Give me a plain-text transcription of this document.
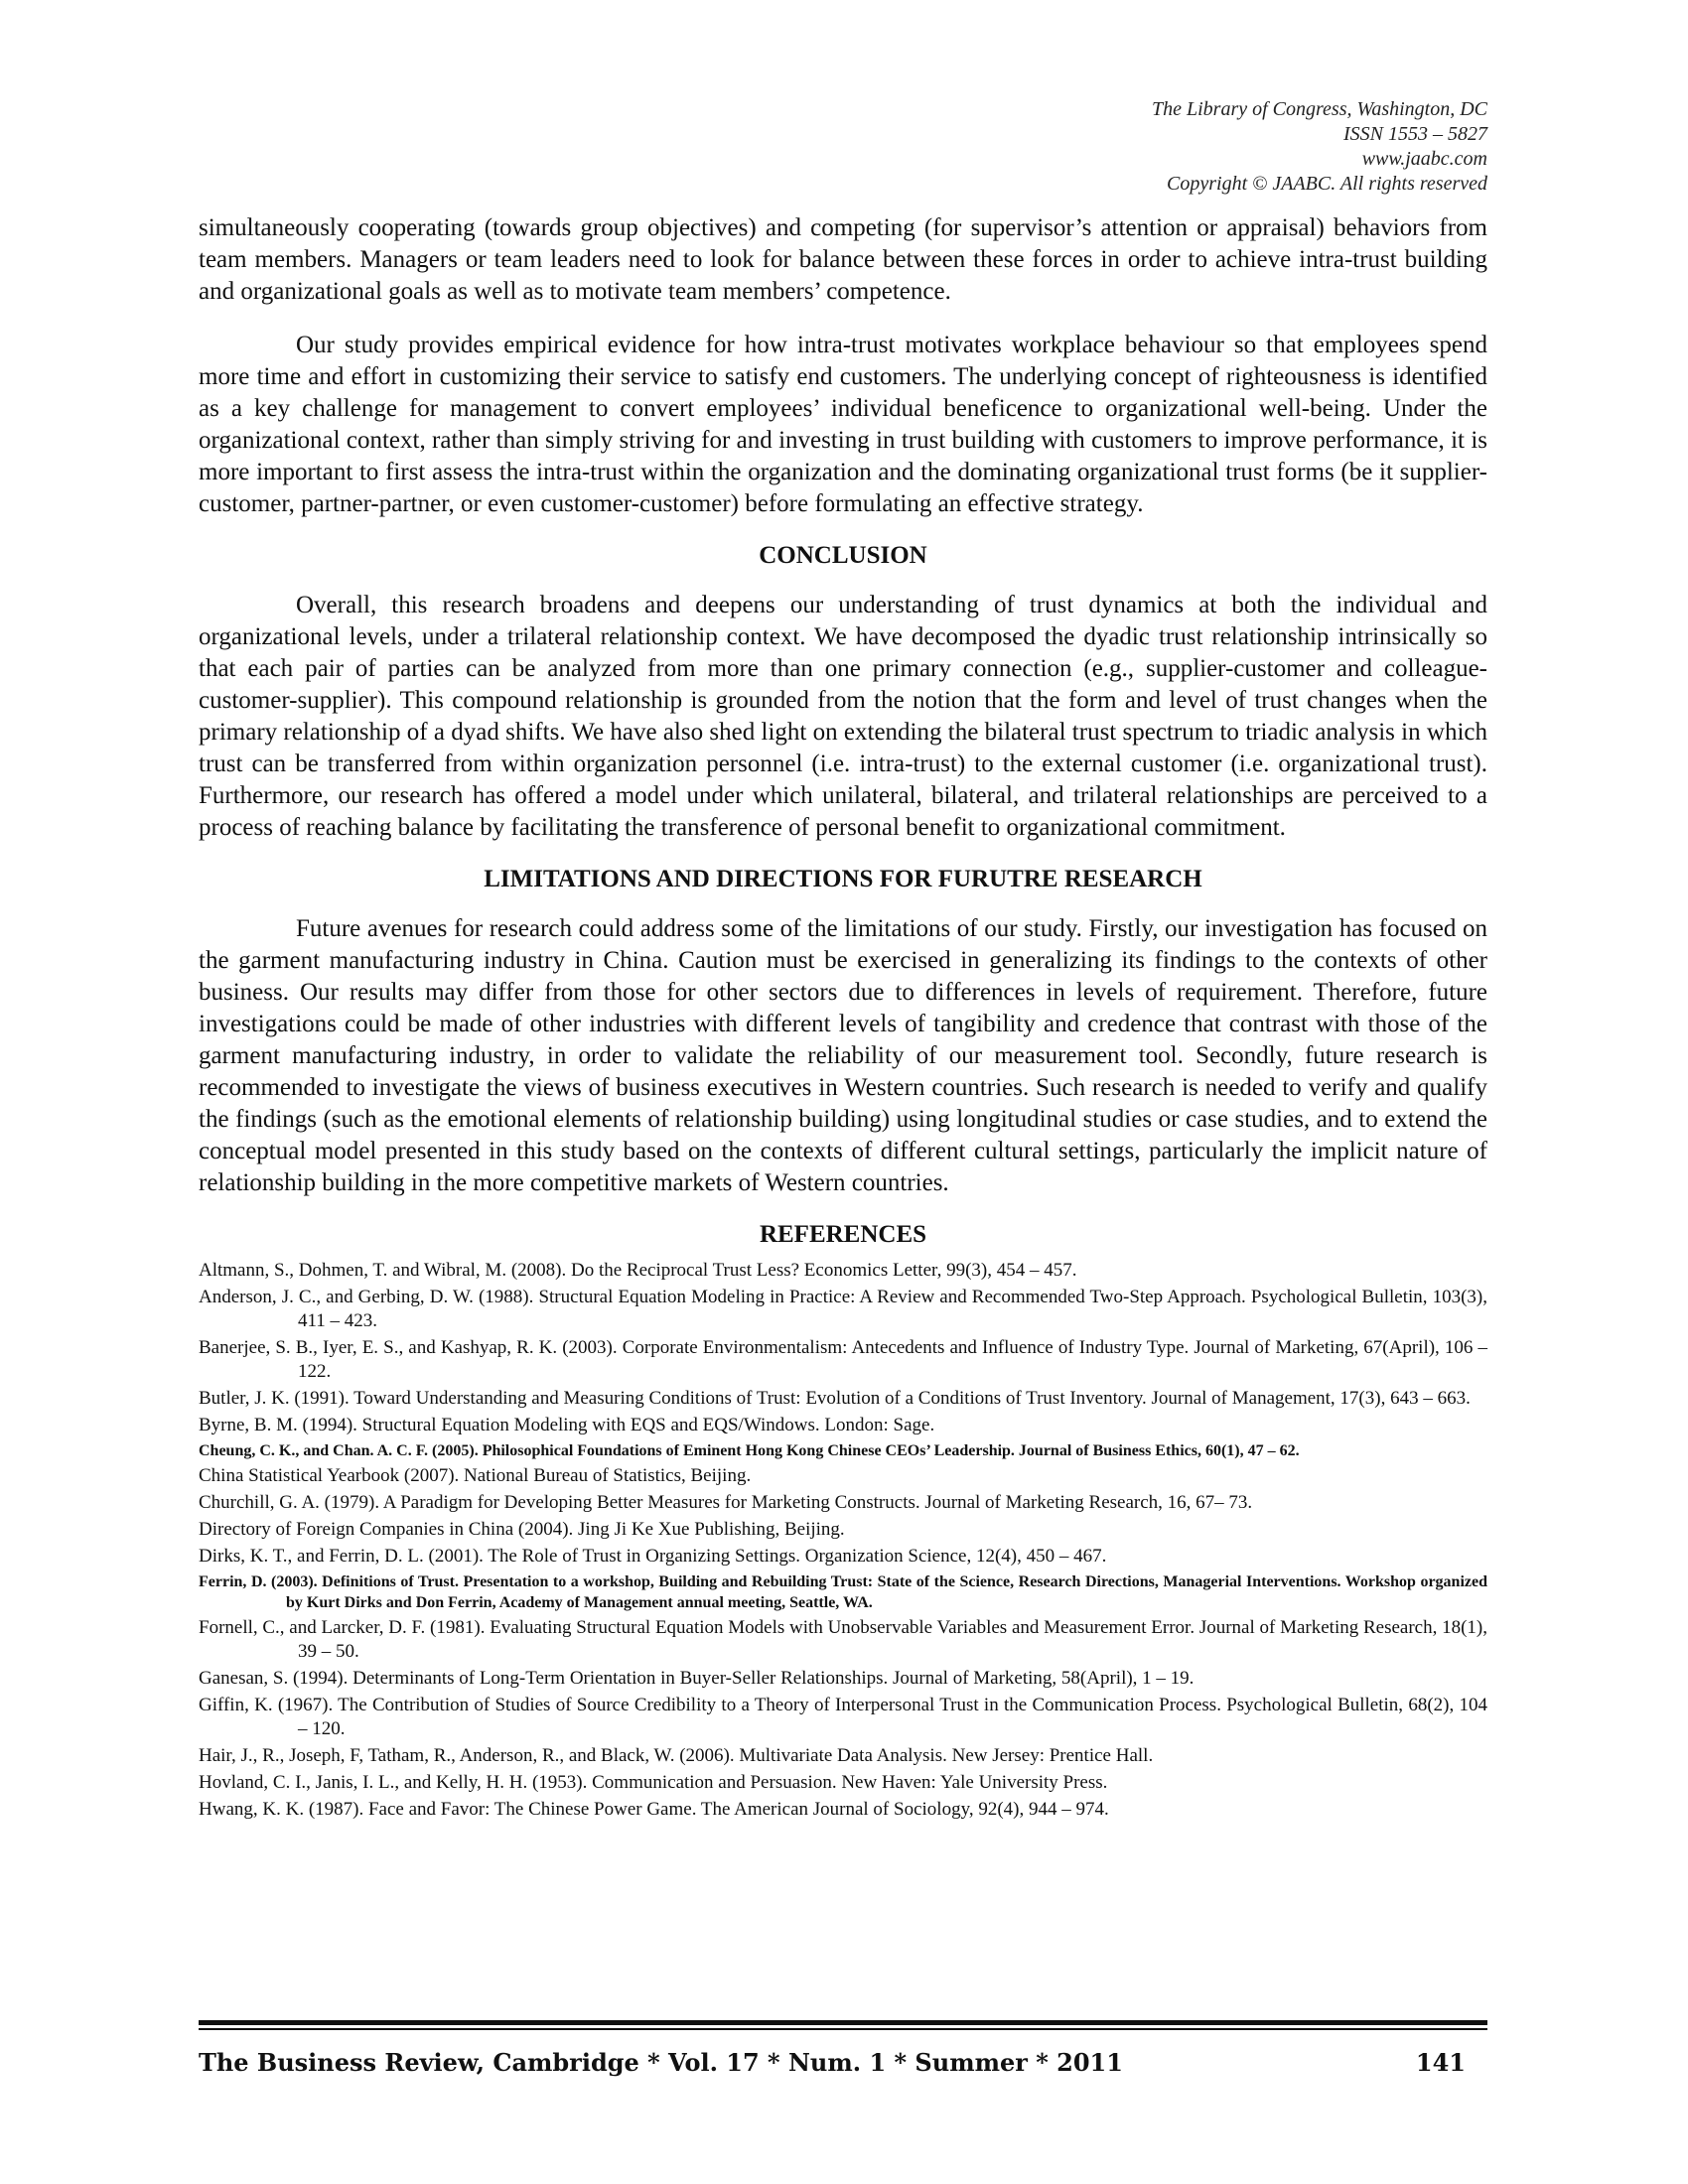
The Library of Congress, Washington, DC
ISSN 1553 – 5827
www.jaabc.com
Copyright © JAABC. All rights reserved

simultaneously cooperating (towards group objectives) and competing (for supervisor’s attention or appraisal) behaviors from team members. Managers or team leaders need to look for balance between these forces in order to achieve intra-trust building and organizational goals as well as to motivate team members’ competence.

Our study provides empirical evidence for how intra-trust motivates workplace behaviour so that employees spend more time and effort in customizing their service to satisfy end customers. The underlying concept of righteousness is identified as a key challenge for management to convert employees’ individual beneficence to organizational well-being. Under the organizational context, rather than simply striving for and investing in trust building with customers to improve performance, it is more important to first assess the intra-trust within the organization and the dominating organizational trust forms (be it supplier-customer, partner-partner, or even customer-customer) before formulating an effective strategy.

CONCLUSION

Overall, this research broadens and deepens our understanding of trust dynamics at both the individual and organizational levels, under a trilateral relationship context. We have decomposed the dyadic trust relationship intrinsically so that each pair of parties can be analyzed from more than one primary connection (e.g., supplier-customer and colleague-customer-supplier). This compound relationship is grounded from the notion that the form and level of trust changes when the primary relationship of a dyad shifts. We have also shed light on extending the bilateral trust spectrum to triadic analysis in which trust can be transferred from within organization personnel (i.e. intra-trust) to the external customer (i.e. organizational trust). Furthermore, our research has offered a model under which unilateral, bilateral, and trilateral relationships are perceived to a process of reaching balance by facilitating the transference of personal benefit to organizational commitment.

LIMITATIONS AND DIRECTIONS FOR FURUTRE RESEARCH

Future avenues for research could address some of the limitations of our study. Firstly, our investigation has focused on the garment manufacturing industry in China. Caution must be exercised in generalizing its findings to the contexts of other business. Our results may differ from those for other sectors due to differences in levels of requirement. Therefore, future investigations could be made of other industries with different levels of tangibility and credence that contrast with those of the garment manufacturing industry, in order to validate the reliability of our measurement tool. Secondly, future research is recommended to investigate the views of business executives in Western countries. Such research is needed to verify and qualify the findings (such as the emotional elements of relationship building) using longitudinal studies or case studies, and to extend the conceptual model presented in this study based on the contexts of different cultural settings, particularly the implicit nature of relationship building in the more competitive markets of Western countries.

REFERENCES

Altmann, S., Dohmen, T. and Wibral, M. (2008). Do the Reciprocal Trust Less? Economics Letter, 99(3), 454 – 457.

Anderson, J. C., and Gerbing, D. W. (1988). Structural Equation Modeling in Practice: A Review and Recommended Two-Step Approach. Psychological Bulletin, 103(3), 411 – 423.

Banerjee, S. B., Iyer, E. S., and Kashyap, R. K. (2003). Corporate Environmentalism: Antecedents and Influence of Industry Type. Journal of Marketing, 67(April), 106 – 122.

Butler, J. K. (1991). Toward Understanding and Measuring Conditions of Trust: Evolution of a Conditions of Trust Inventory. Journal of Management, 17(3), 643 – 663.

Byrne, B. M. (1994). Structural Equation Modeling with EQS and EQS/Windows. London: Sage.

Cheung, C. K., and Chan. A. C. F. (2005). Philosophical Foundations of Eminent Hong Kong Chinese CEOs’ Leadership. Journal of Business Ethics, 60(1), 47 – 62.

China Statistical Yearbook (2007). National Bureau of Statistics, Beijing.

Churchill, G. A. (1979). A Paradigm for Developing Better Measures for Marketing Constructs. Journal of Marketing Research, 16, 67– 73.

Directory of Foreign Companies in China (2004). Jing Ji Ke Xue Publishing, Beijing.

Dirks, K. T., and Ferrin, D. L. (2001). The Role of Trust in Organizing Settings. Organization Science, 12(4), 450 – 467.

Ferrin, D. (2003). Definitions of Trust. Presentation to a workshop, Building and Rebuilding Trust: State of the Science, Research Directions, Managerial Interventions. Workshop organized by Kurt Dirks and Don Ferrin, Academy of Management annual meeting, Seattle, WA.

Fornell, C., and Larcker, D. F. (1981). Evaluating Structural Equation Models with Unobservable Variables and Measurement Error. Journal of Marketing Research, 18(1), 39 – 50.

Ganesan, S. (1994). Determinants of Long-Term Orientation in Buyer-Seller Relationships. Journal of Marketing, 58(April), 1 – 19.

Giffin, K. (1967). The Contribution of Studies of Source Credibility to a Theory of Interpersonal Trust in the Communication Process. Psychological Bulletin, 68(2), 104 – 120.

Hair, J., R., Joseph, F, Tatham, R., Anderson, R., and Black, W. (2006). Multivariate Data Analysis. New Jersey: Prentice Hall.

Hovland, C. I., Janis, I. L., and Kelly, H. H. (1953). Communication and Persuasion. New Haven: Yale University Press.

Hwang, K. K. (1987). Face and Favor: The Chinese Power Game. The American Journal of Sociology, 92(4), 944 – 974.

The Business Review, Cambridge * Vol. 17 * Num. 1 * Summer * 2011	141
